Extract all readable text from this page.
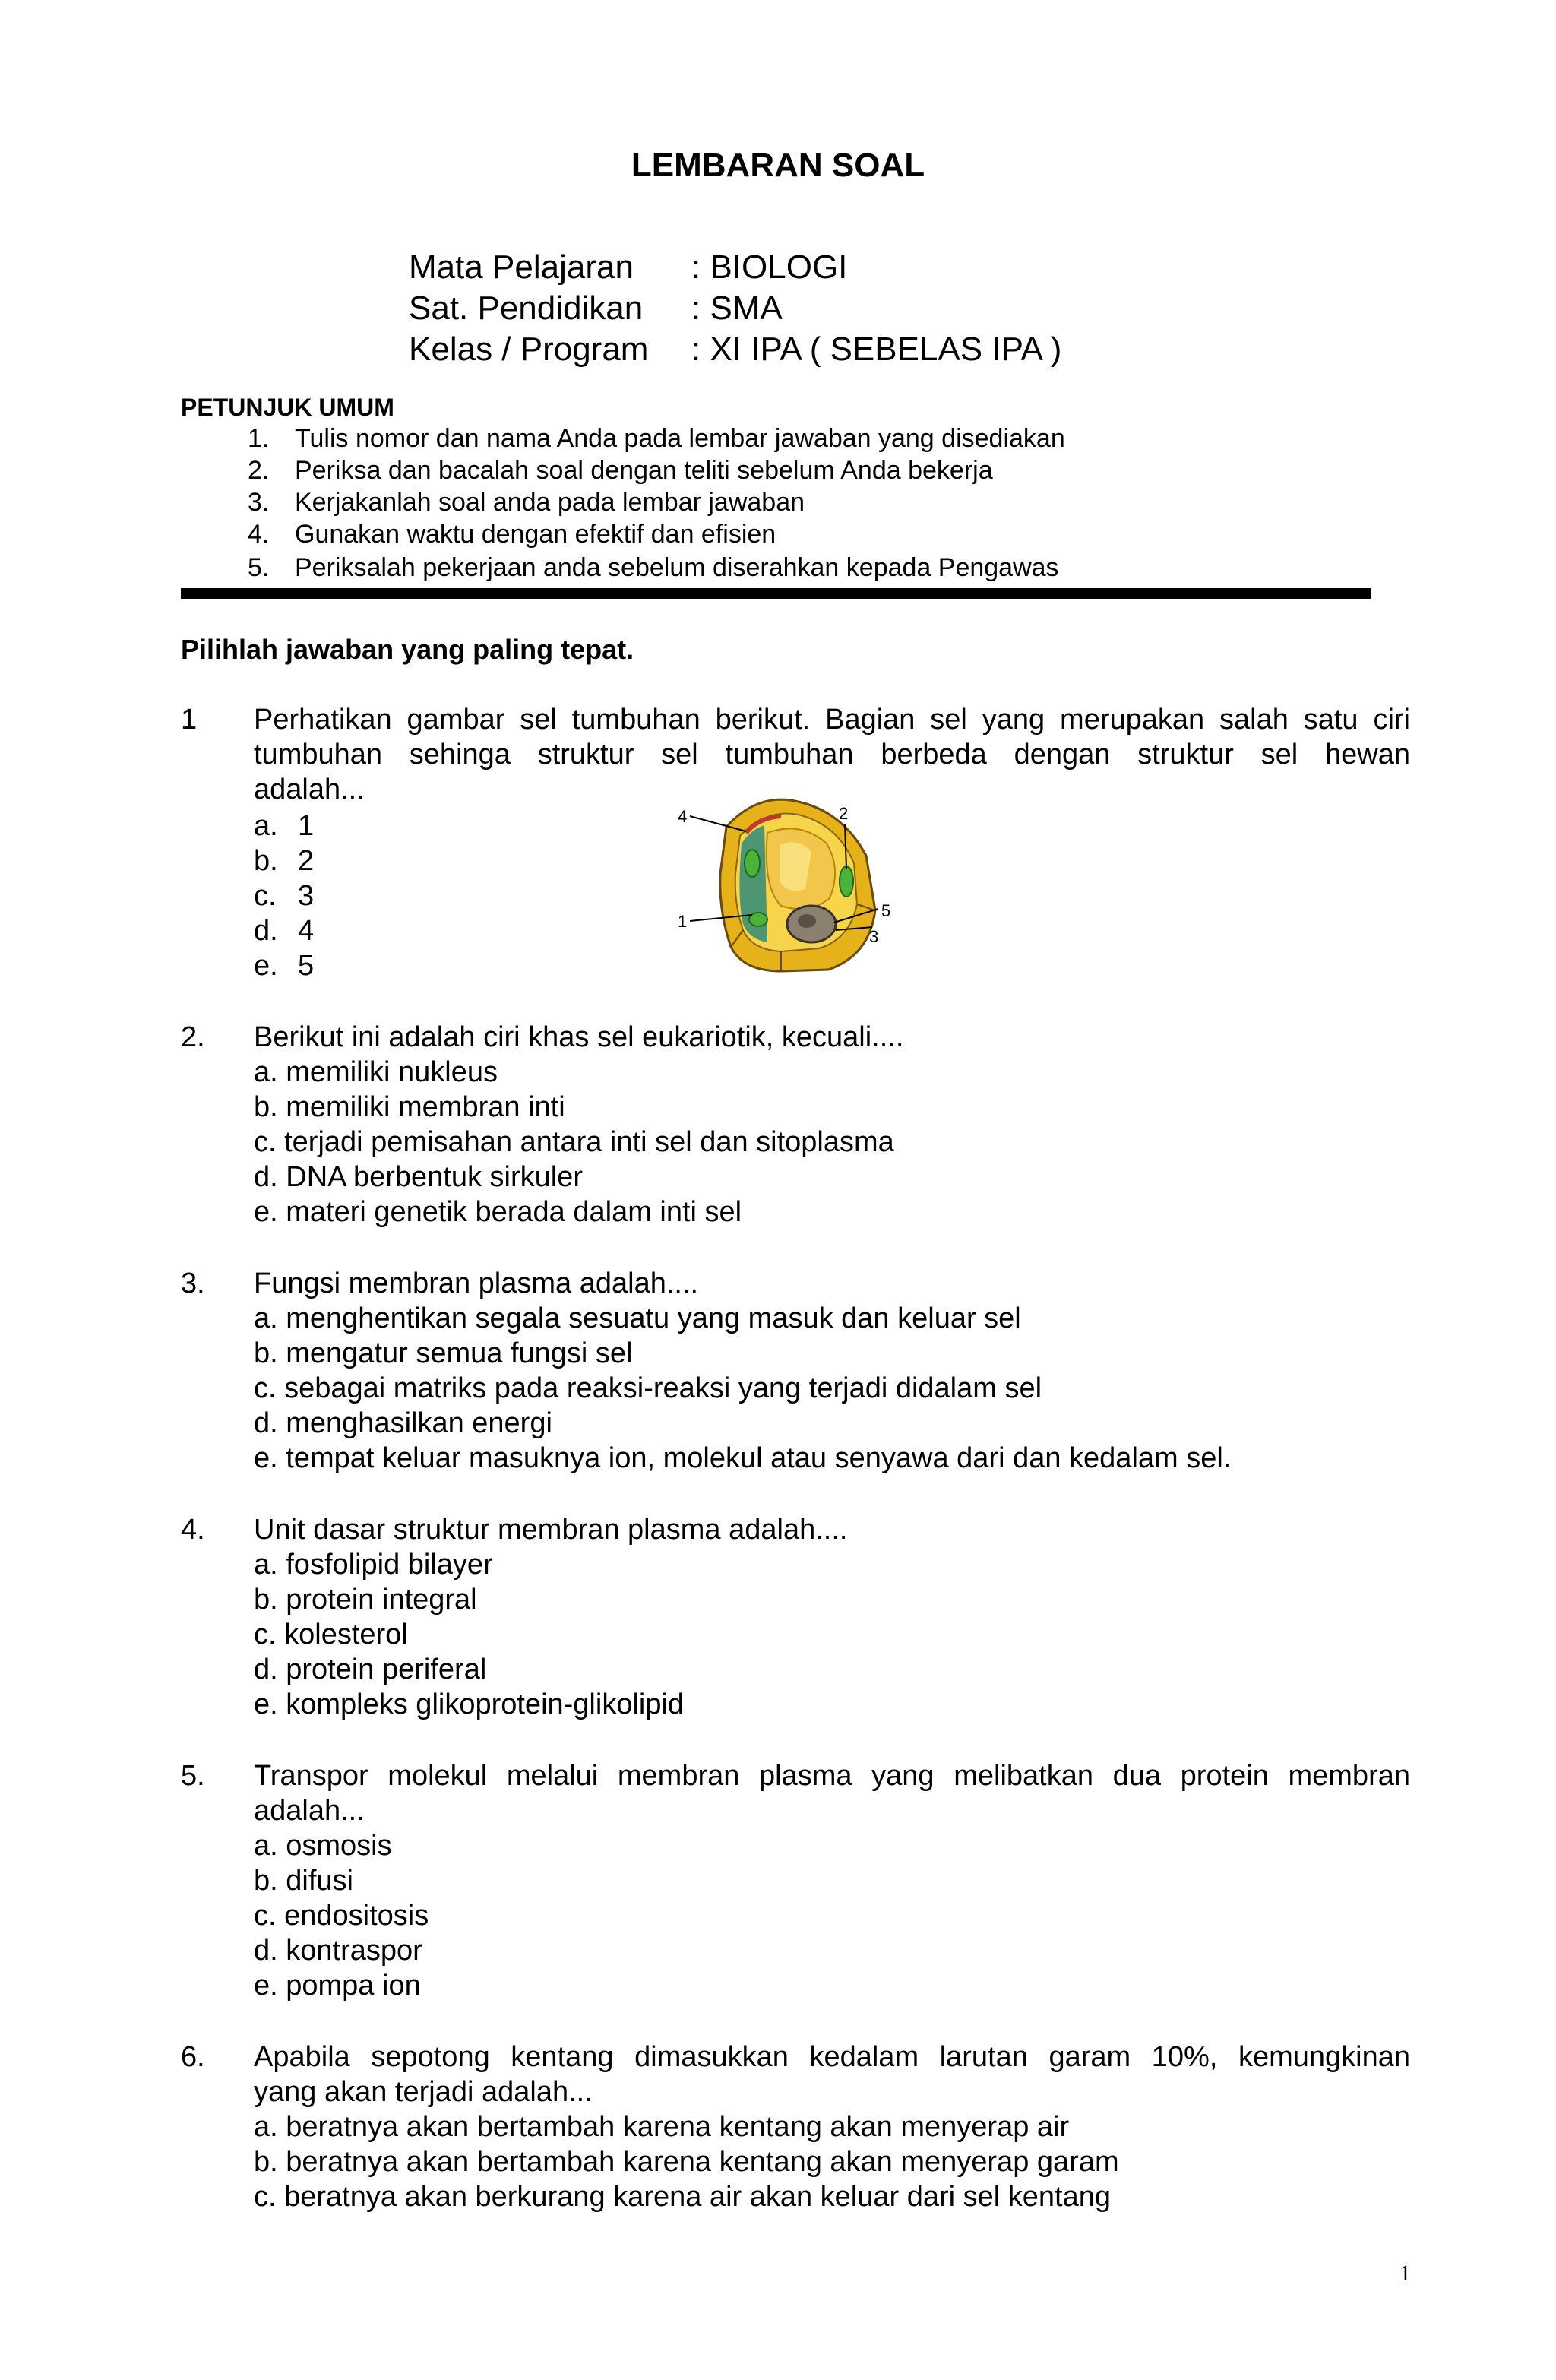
LEMBARAN SOAL
Mata Pelajaran : BIOLOGI
Sat. Pendidikan : SMA
Kelas / Program : XI IPA ( SEBELAS IPA )
PETUNJUK UMUM
1. Tulis nomor dan nama Anda pada lembar jawaban yang disediakan
2. Periksa dan bacalah soal dengan teliti sebelum Anda bekerja
3. Kerjakanlah soal anda pada lembar jawaban
4. Gunakan waktu dengan efektif dan efisien
5. Periksalah pekerjaan anda sebelum diserahkan kepada Pengawas
Pilihlah jawaban yang paling tepat.
1 Perhatikan gambar sel tumbuhan berikut. Bagian sel yang merupakan salah satu ciri
tumbuhan sehinga struktur sel tumbuhan berbeda dengan struktur sel hewan
adalah...
a. 1
b. 2
c. 3
d. 4
e. 5
4	2
1
5
3
2. Berikut ini adalah ciri khas sel eukariotik, kecuali....
a. memiliki nukleus
b. memiliki membran inti
c. terjadi pemisahan antara inti sel dan sitoplasma
d. DNA berbentuk sirkuler
e. materi genetik berada dalam inti sel
3. Fungsi membran plasma adalah....
a. menghentikan segala sesuatu yang masuk dan keluar sel
b. mengatur semua fungsi sel
c. sebagai matriks pada reaksi-reaksi yang terjadi didalam sel
d. menghasilkan energi
e. tempat keluar masuknya ion, molekul atau senyawa dari dan kedalam sel.
4. Unit dasar struktur membran plasma adalah....
a. fosfolipid bilayer
b. protein integral
c. kolesterol
d. protein periferal
e. kompleks glikoprotein-glikolipid
5. Transpor molekul melalui membran plasma yang melibatkan dua protein membran
adalah...
a. osmosis
b. difusi
c. endositosis
d. kontraspor
e. pompa ion
6. Apabila sepotong kentang dimasukkan kedalam larutan garam 10%, kemungkinan
yang akan terjadi adalah...
a. beratnya akan bertambah karena kentang akan menyerap air
b. beratnya akan bertambah karena kentang akan menyerap garam
c. beratnya akan berkurang karena air akan keluar dari sel kentang
1
